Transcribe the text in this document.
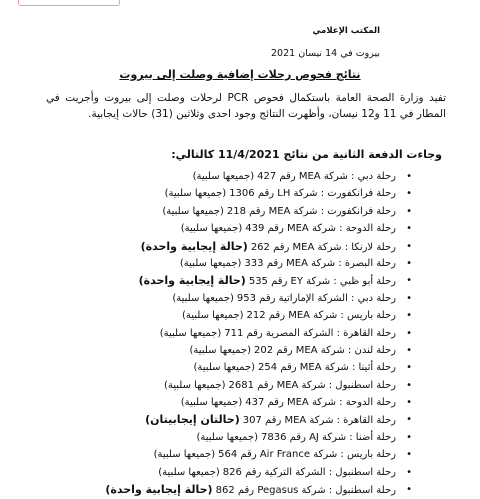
المكتب الإعلامي
بيروت في 14 نيسان 2021
نتائج فحوص رحلات إضافية وصلت إلى بيروت
تفيد وزارة الصحة العامة باستكمال فحوص PCR لرحلات وصلت إلى بيروت وأجريت في المطار في 11 و12 نيسان، وأظهرت النتائج وجود احدى وثلاثين (31) حالات إيجابية.
وجاءت الدفعة الثانية من نتائج 11/4/2021 كالتالي:
• رحلة دبي : شركة MEA رقم 427(جميعها سلبية)
• رحلة فرانكفورت : شركة LH رقم 1306(جميعها سلبية)
• رحلة فرانكفورت : شركة MEA رقم 218(جميعها سلبية)
• رحلة الدوحة : شركة MEA رقم 439(جميعها سلبية)
• رحلة لارنكا : شركة MEA رقم 262(حالة إيجابية واحدة)
• رحلة البصرة : شركة MEA رقم 333(جميعها سلبية)
• رحلة أبو ظبي : شركة EY رقم 535(حالة إيجابية واحدة)
• رحلة دبي : الشركة الإماراتية رقم 953(جميعها سلبية)
• رحلة باريس : شركة MEA رقم 212(جميعها سلبية)
• رحلة القاهرة : الشركة المصرية رقم 711(جميعها سلبية)
• رحلة لندن : شركة MEA رقم 202(جميعها سلبية)
• رحلة أثينا : شركة MEA رقم 254(جميعها سلبية)
• رحلة اسطنبول : شركة MEA رقم 2681(جميعها سلبية)
• رحلة الدوحة : شركة MEA رقم 437(جميعها سلبية)
• رحلة القاهرة : شركة MEA رقم 307(حالتان إيجابيتان)
• رحلة أضنا : شركة AJ رقم 7836(جميعها سلبية)
• رحلة باريس : شركة Air France رقم 564(جميعها سلبية)
• رحلة اسطنبول : الشركة التركية رقم 826(جميعها سلبية)
• رحلة اسطنبول : شركة Pegasus رقم 862(حالة إيجابية واحدة)
